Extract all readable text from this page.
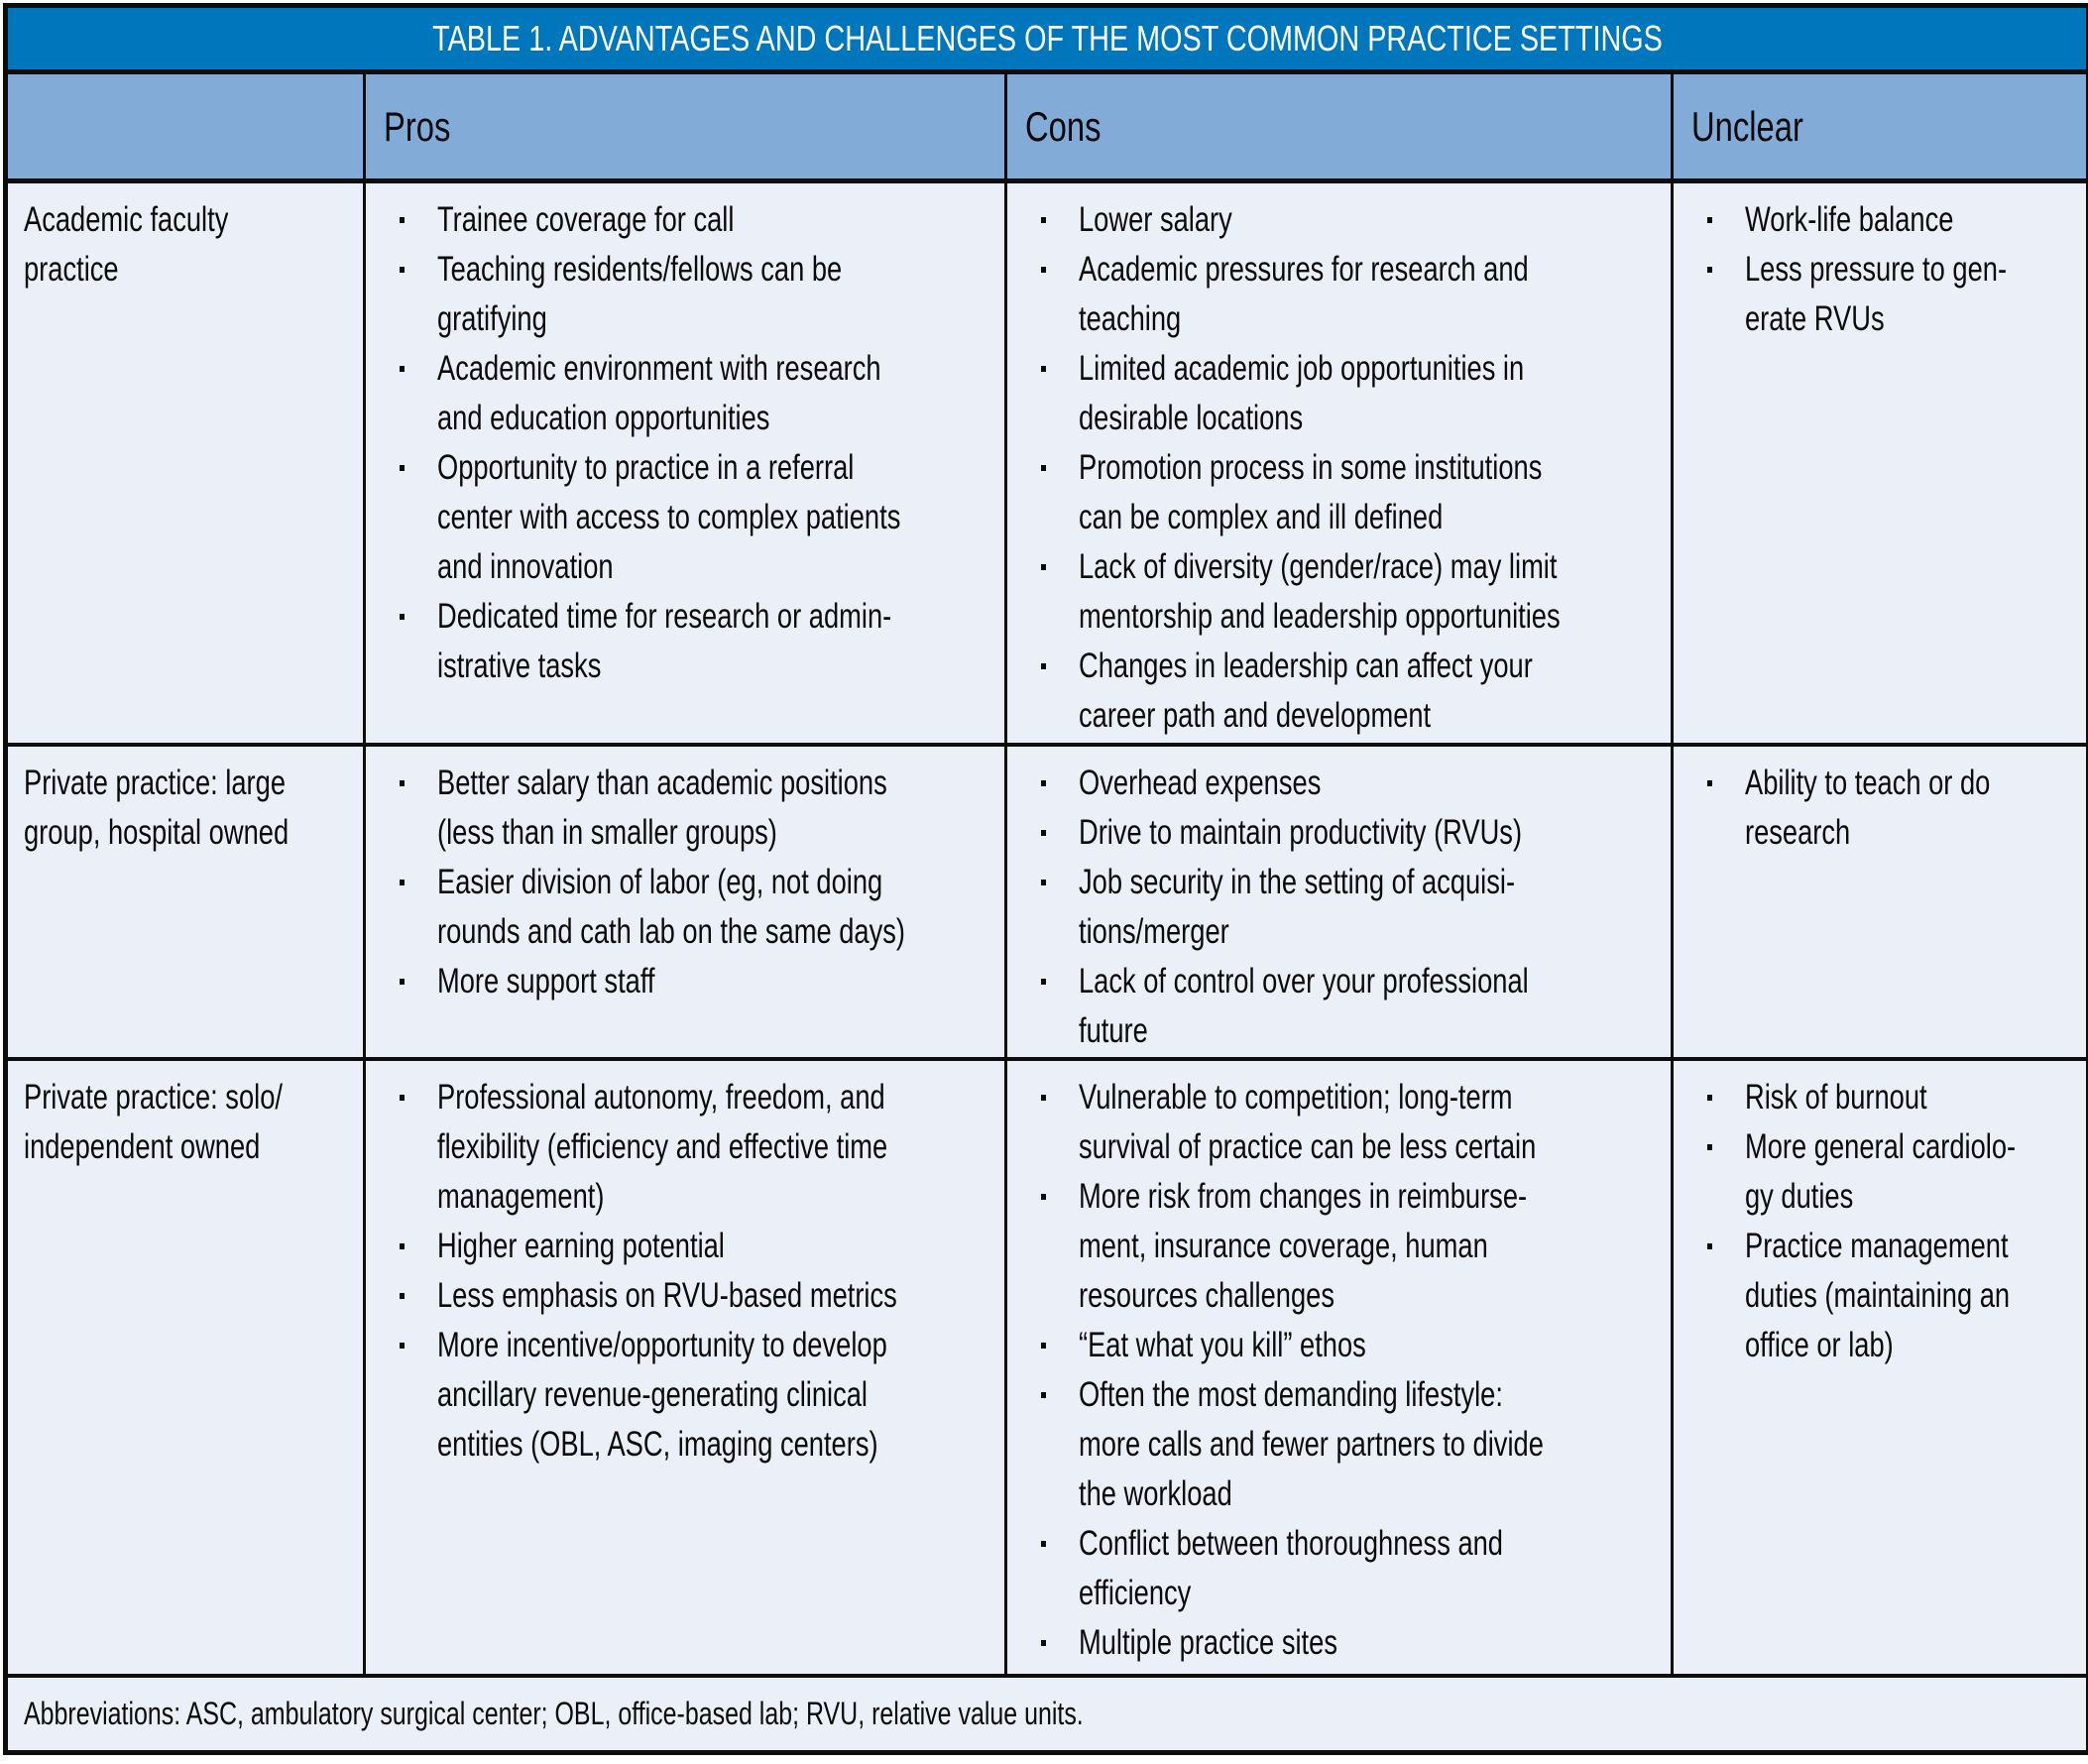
TABLE 1. ADVANTAGES AND CHALLENGES OF THE MOST COMMON PRACTICE SETTINGS
Pros	Cons	Unclear
Academic faculty
practice
Trainee coverage for call
Teaching residents/fellows can be
gratifying
Academic environment with research
and education opportunities
Opportunity to practice in a referral
center with access to complex patients
and innovation
Dedicated time for research or admin-
istrative tasks
Lower salary
Academic pressures for research and
teaching
Limited academic job opportunities in
desirable locations
Promotion process in some institutions
can be complex and ill defined
Lack of diversity (gender/race) may limit
mentorship and leadership opportunities
Changes in leadership can affect your
career path and development
Work-life balance
Less pressure to gen-
erate RVUs
Private practice: large
group, hospital owned
Better salary than academic positions
(less than in smaller groups)
Easier division of labor (eg, not doing
rounds and cath lab on the same days)
More support staff
Overhead expenses
Drive to maintain productivity (RVUs)
Job security in the setting of acquisi-
tions/merger
Lack of control over your professional
future
Ability to teach or do
research
Private practice: solo/
independent owned
Professional autonomy, freedom, and
flexibility (efficiency and effective time
management)
Higher earning potential
Less emphasis on RVU-based metrics
More incentive/opportunity to develop
ancillary revenue-generating clinical
entities (OBL, ASC, imaging centers)
Vulnerable to competition; long-term
survival of practice can be less certain
More risk from changes in reimburse-
ment, insurance coverage, human
resources challenges
“Eat what you kill” ethos
Often the most demanding lifestyle:
more calls and fewer partners to divide
the workload
Conflict between thoroughness and
efficiency
Multiple practice sites
Risk of burnout
More general cardiolo-
gy duties
Practice management
duties (maintaining an
office or lab)
Abbreviations: ASC, ambulatory surgical center; OBL, office-based lab; RVU, relative value units.
